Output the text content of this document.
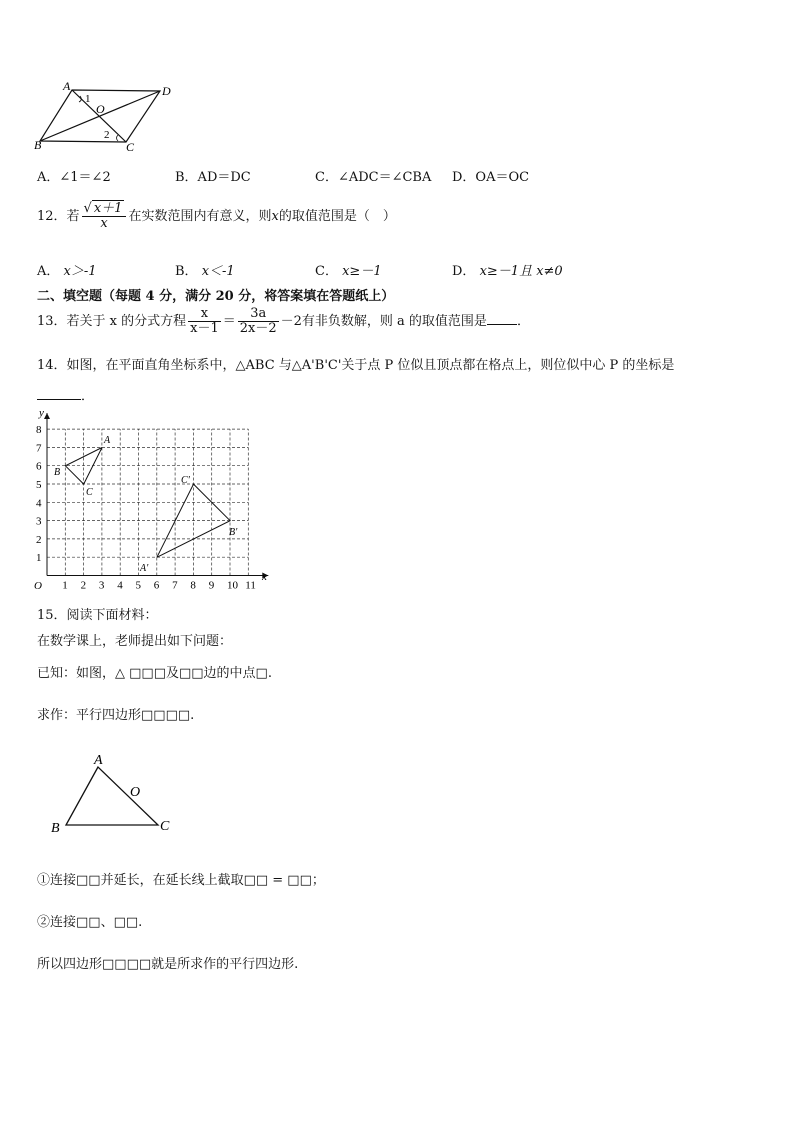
A	D
B	C
O
1
2
A．∠1＝∠2	B．AD＝DC	C．∠ADC＝∠CBA D．OA＝OC
12．若 $\frac{√ x+1}{x}$ 在实数范围内有意义，则x的取值范围是（　）
A． x＞-1	B． x＜-1	C． x≥－1	D． x≥－1且 x≠0
二、填空题（每题 4 分，满分 20 分，将答案填在答题纸上）
13．若关于 x 的分式方程 $\frac{x}{x-1} = \frac{3a}{2x-2} -2$有非负数解，则 a 的取值范围是 ．
14．如图，在平面直角坐标系中，△ABC 与△A'B'C'关于点 P 位似且顶点都在格点上，则位似中心 P 的坐标是
．
1 2 3 4 5 6 7 8 9 10 11
1
2
3
4
5
6
7
8
A
B
C
A'
B'
C'
O
x
y
15．阅读下面材料：
在数学课上，老师提出如下问题：
已知：如图，△ □□□及□□边的中点□.
求作：平行四边形□□□□.
A
B	C
O
①连接□□并延长，在延长线上截取□□ = □□；
②连接□□、□□.
所以四边形□□□□就是所求作的平行四边形.
